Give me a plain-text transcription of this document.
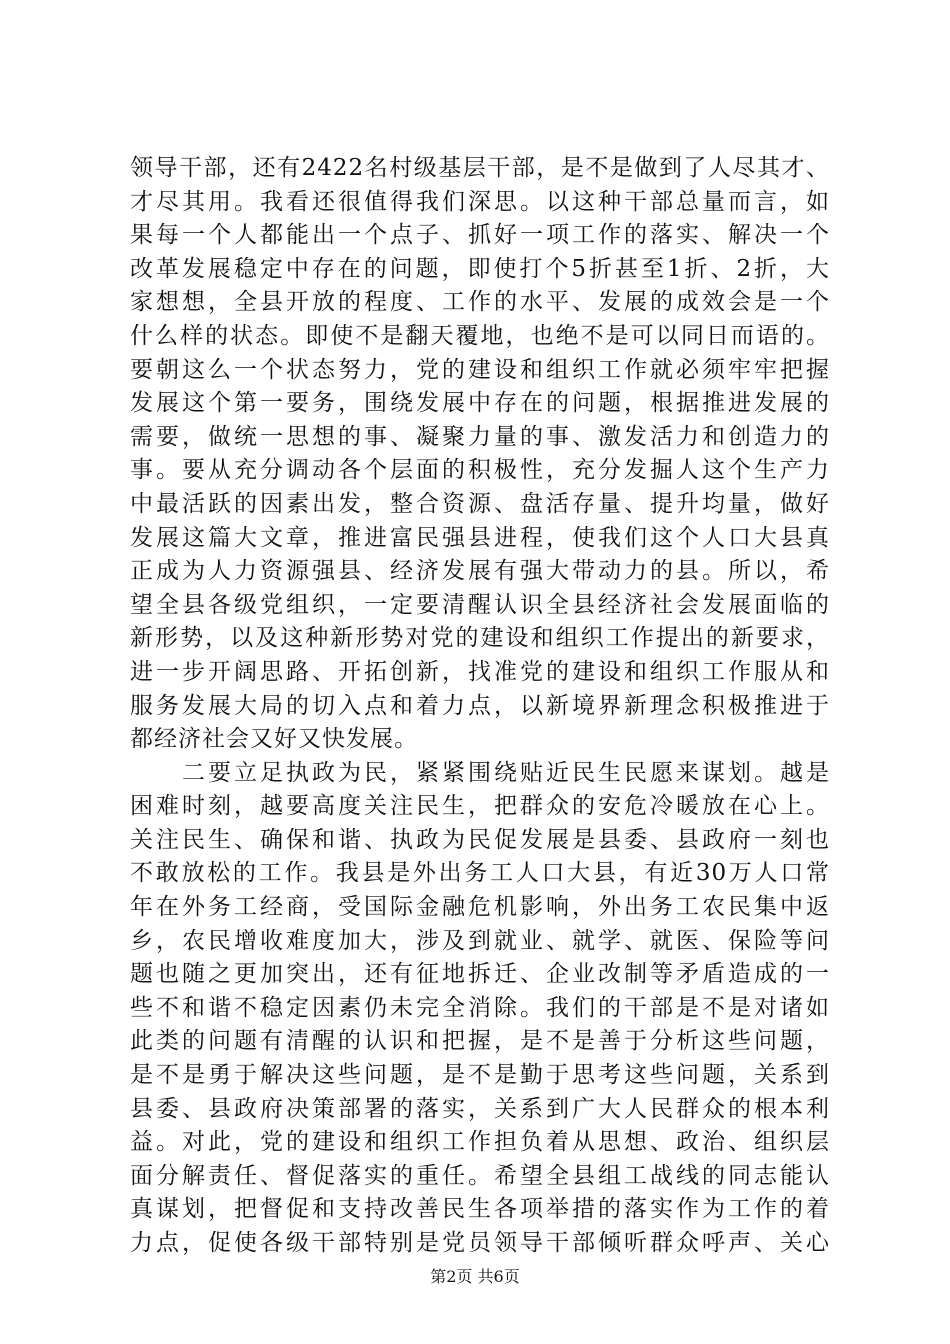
领导干部，还有2422名村级基层干部，是不是做到了人尽其才、
才尽其用。我看还很值得我们深思。以这种干部总量而言，如
果每一个人都能出一个点子、抓好一项工作的落实、解决一个
改革发展稳定中存在的问题，即使打个5折甚至1折、2折，大
家想想，全县开放的程度、工作的水平、发展的成效会是一个
什么样的状态。即使不是翻天覆地，也绝不是可以同日而语的。
要朝这么一个状态努力，党的建设和组织工作就必须牢牢把握
发展这个第一要务，围绕发展中存在的问题，根据推进发展的
需要，做统一思想的事、凝聚力量的事、激发活力和创造力的
事。要从充分调动各个层面的积极性，充分发掘人这个生产力
中最活跃的因素出发，整合资源、盘活存量、提升均量，做好
发展这篇大文章，推进富民强县进程，使我们这个人口大县真
正成为人力资源强县、经济发展有强大带动力的县。所以，希
望全县各级党组织，一定要清醒认识全县经济社会发展面临的
新形势，以及这种新形势对党的建设和组织工作提出的新要求，
进一步开阔思路、开拓创新，找准党的建设和组织工作服从和
服务发展大局的切入点和着力点，以新境界新理念积极推进于
都经济社会又好又快发展。
　　二要立足执政为民，紧紧围绕贴近民生民愿来谋划。越是
困难时刻，越要高度关注民生，把群众的安危冷暖放在心上。
关注民生、确保和谐、执政为民促发展是县委、县政府一刻也
不敢放松的工作。我县是外出务工人口大县，有近30万人口常
年在外务工经商，受国际金融危机影响，外出务工农民集中返
乡，农民增收难度加大，涉及到就业、就学、就医、保险等问
题也随之更加突出，还有征地拆迁、企业改制等矛盾造成的一
些不和谐不稳定因素仍未完全消除。我们的干部是不是对诸如
此类的问题有清醒的认识和把握，是不是善于分析这些问题，
是不是勇于解决这些问题，是不是勤于思考这些问题，关系到
县委、县政府决策部署的落实，关系到广大人民群众的根本利
益。对此，党的建设和组织工作担负着从思想、政治、组织层
面分解责任、督促落实的重任。希望全县组工战线的同志能认
真谋划，把督促和支持改善民生各项举措的落实作为工作的着
力点，促使各级干部特别是党员领导干部倾听群众呼声、关心
第2页 共6页
